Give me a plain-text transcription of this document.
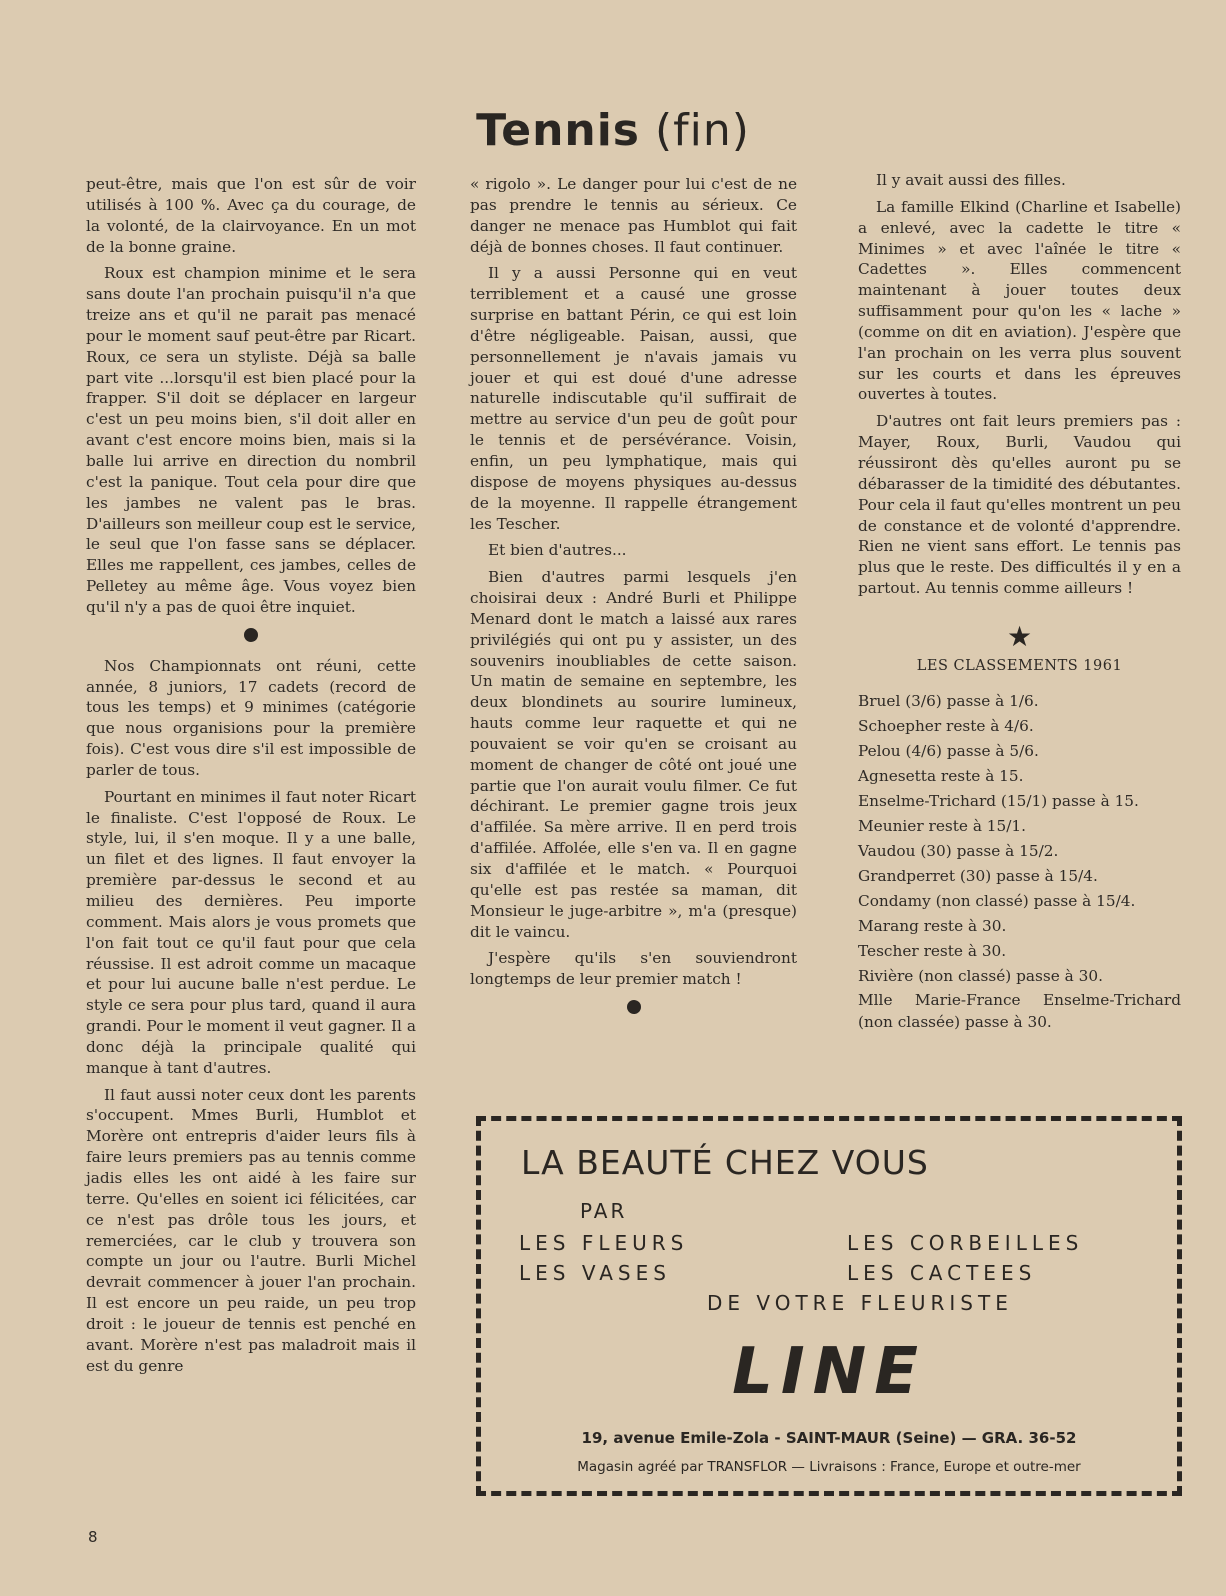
Tennis (fin)

peut-être, mais que l'on est sûr de voir utilisés à 100 %. Avec ça du courage, de la volonté, de la clairvoyance. En un mot de la bonne graine.

Roux est champion minime et le sera sans doute l'an prochain puisqu'il n'a que treize ans et qu'il ne parait pas menacé pour le moment sauf peut-être par Ricart. Roux, ce sera un styliste. Déjà sa balle part vite ...lorsqu'il est bien placé pour la frapper. S'il doit se déplacer en largeur c'est un peu moins bien, s'il doit aller en avant c'est encore moins bien, mais si la balle lui arrive en direction du nombril c'est la panique. Tout cela pour dire que les jambes ne valent pas le bras. D'ailleurs son meilleur coup est le service, le seul que l'on fasse sans se déplacer. Elles me rappellent, ces jambes, celles de Pelletey au même âge. Vous voyez bien qu'il n'y a pas de quoi être inquiet.

Nos Championnats ont réuni, cette année, 8 juniors, 17 cadets (record de tous les temps) et 9 minimes (catégorie que nous organisions pour la première fois). C'est vous dire s'il est impossible de parler de tous.

Pourtant en minimes il faut noter Ricart le finaliste. C'est l'opposé de Roux. Le style, lui, il s'en moque. Il y a une balle, un filet et des lignes. Il faut envoyer la première par-dessus le second et au milieu des dernières. Peu importe comment. Mais alors je vous promets que l'on fait tout ce qu'il faut pour que cela réussise. Il est adroit comme un macaque et pour lui aucune balle n'est perdue. Le style ce sera pour plus tard, quand il aura grandi. Pour le moment il veut gagner. Il a donc déjà la principale qualité qui manque à tant d'autres.

Il faut aussi noter ceux dont les parents s'occupent. Mmes Burli, Humblot et Morère ont entrepris d'aider leurs fils à faire leurs premiers pas au tennis comme jadis elles les ont aidé à les faire sur terre. Qu'elles en soient ici félicitées, car ce n'est pas drôle tous les jours, et remerciées, car le club y trouvera son compte un jour ou l'autre. Burli Michel devrait commencer à jouer l'an prochain. Il est encore un peu raide, un peu trop droit : le joueur de tennis est penché en avant. Morère n'est pas maladroit mais il est du genre

« rigolo ». Le danger pour lui c'est de ne pas prendre le tennis au sérieux. Ce danger ne menace pas Humblot qui fait déjà de bonnes choses. Il faut continuer.

Il y a aussi Personne qui en veut terriblement et a causé une grosse surprise en battant Périn, ce qui est loin d'être négligeable. Paisan, aussi, que personnellement je n'avais jamais vu jouer et qui est doué d'une adresse naturelle indiscutable qu'il suffirait de mettre au service d'un peu de goût pour le tennis et de persévérance. Voisin, enfin, un peu lymphatique, mais qui dispose de moyens physiques au-dessus de la moyenne. Il rappelle étrangement les Tescher.

Et bien d'autres...

Bien d'autres parmi lesquels j'en choisirai deux : André Burli et Philippe Menard dont le match a laissé aux rares privilégiés qui ont pu y assister, un des souvenirs inoubliables de cette saison. Un matin de semaine en septembre, les deux blondinets au sourire lumineux, hauts comme leur raquette et qui ne pouvaient se voir qu'en se croisant au moment de changer de côté ont joué une partie que l'on aurait voulu filmer. Ce fut déchirant. Le premier gagne trois jeux d'affilée. Sa mère arrive. Il en perd trois d'affilée. Affolée, elle s'en va. Il en gagne six d'affilée et le match. « Pourquoi qu'elle est pas restée sa maman, dit Monsieur le juge-arbitre », m'a (presque) dit le vaincu.

J'espère qu'ils s'en souviendront longtemps de leur premier match !

Il y avait aussi des filles.

La famille Elkind (Charline et Isabelle) a enlevé, avec la cadette le titre « Minimes » et avec l'aînée le titre « Cadettes ». Elles commencent maintenant à jouer toutes deux suffisamment pour qu'on les « lache » (comme on dit en aviation). J'espère que l'an prochain on les verra plus souvent sur les courts et dans les épreuves ouvertes à toutes.

D'autres ont fait leurs premiers pas : Mayer, Roux, Burli, Vaudou qui réussiront dès qu'elles auront pu se débarasser de la timidité des débutantes. Pour cela il faut qu'elles montrent un peu de constance et de volonté d'apprendre. Rien ne vient sans effort. Le tennis pas plus que le reste. Des difficultés il y en a partout. Au tennis comme ailleurs !

★
LES CLASSEMENTS 1961
Bruel (3/6) passe à 1/6.
Schoepher reste à 4/6.
Pelou (4/6) passe à 5/6.
Agnesetta reste à 15.
Enselme-Trichard (15/1) passe à 15.
Meunier reste à 15/1.
Vaudou (30) passe à 15/2.
Grandperret (30) passe à 15/4.
Condamy (non classé) passe à 15/4.
Marang reste à 30.
Tescher reste à 30.
Rivière (non classé) passe à 30.
Mlle Marie-France Enselme-Trichard (non classée) passe à 30.
LA BEAUTÉ CHEZ VOUS
PAR
LES FLEURS	LES CORBEILLES
LES VASES	LES CACTEES
DE VOTRE FLEURISTE
LINE
19, avenue Emile-Zola - SAINT-MAUR (Seine) — GRA. 36-52
Magasin agréé par TRANSFLOR — Livraisons : France, Europe et outre-mer
8
